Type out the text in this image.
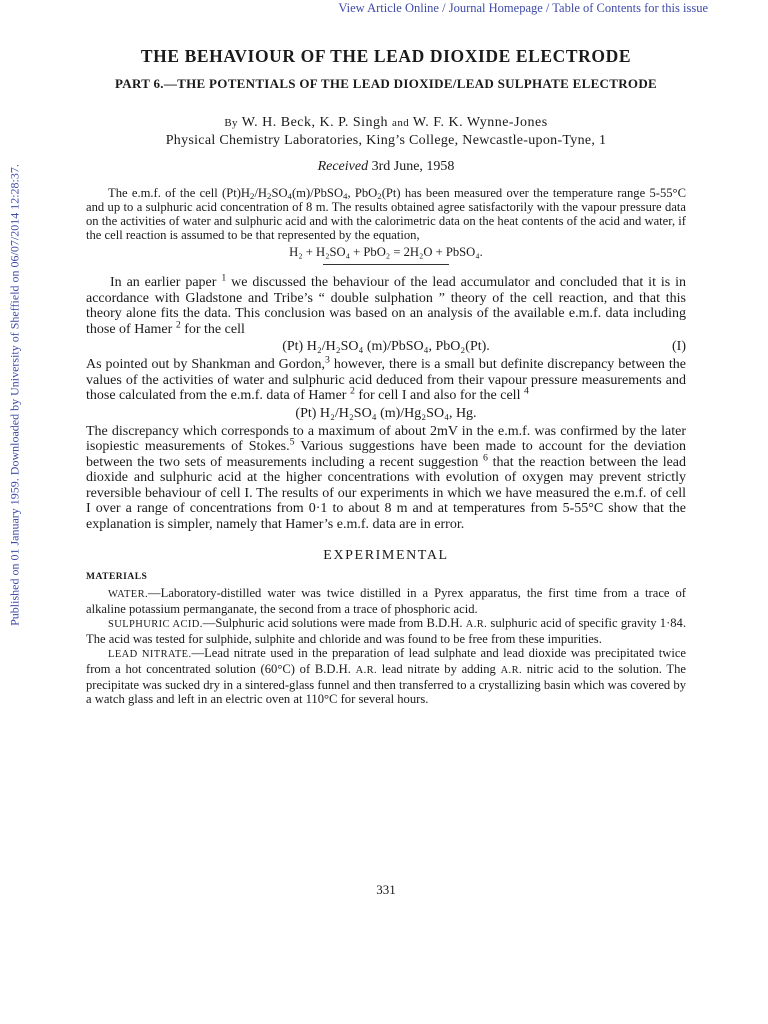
View Article Online / Journal Homepage / Table of Contents for this issue
Published on 01 January 1959. Downloaded by University of Sheffield on 06/07/2014 12:28:37.
THE BEHAVIOUR OF THE LEAD DIOXIDE ELECTRODE

PART 6.—THE POTENTIALS OF THE LEAD DIOXIDE/LEAD SULPHATE ELECTRODE

By W. H. Beck, K. P. Singh and W. F. K. Wynne-Jones

Physical Chemistry Laboratories, King’s College, Newcastle-upon-Tyne, 1

Received 3rd June, 1958

The e.m.f. of the cell $(Pt)H_2/H_2SO_4(m)/PbSO_4$, PbO$_2$(Pt) has been measured over the temperature range 5-55°C and up to a sulphuric acid concentration of 8 m. The results obtained agree satisfactorily with the vapour pressure data on the activities of water and sulphuric acid and with the calorimetric data on the heat contents of the acid and water, if the cell reaction is assumed to be that represented by the equation,

H₂ + H₂SO₄ + PbO₂ = 2H₂O + PbSO₄.

In an earlier paper $^1$ we discussed the behaviour of the lead accumulator and concluded that it is in accordance with Gladstone and Tribe’s “ double sulphation ” theory of the cell reaction, and that this theory alone fits the data. This conclusion was based on an analysis of the available e.m.f. data including those of Hamer $^2$ for the cell

(Pt) H₂/H₂SO₄ (m)/PbSO₄, PbO₂(Pt).	(I)

As pointed out by Shankman and Gordon,$^3$ however, there is a small but definite discrepancy between the values of the activities of water and sulphuric acid deduced from their vapour pressure measurements and those calculated from the e.m.f. data of Hamer $^2$ for cell I and also for the cell $^4$

(Pt) H₂/H₂SO₄ (m)/Hg₂SO₄, Hg.

The discrepancy which corresponds to a maximum of about 2mV in the e.m.f. was confirmed by the later isopiestic measurements of Stokes.$^5$ Various suggestions have been made to account for the deviation between the two sets of measurements including a recent suggestion $^6$ that the reaction between the lead dioxide and sulphuric acid at the higher concentrations with evolution of oxygen may prevent strictly reversible behaviour of cell I. The results of our experiments in which we have measured the e.m.f. of cell I over a range of concentrations from 0·1 to about 8 m and at temperatures from 5-55°C show that the explanation is simpler, namely that Hamer’s e.m.f. data are in error.

EXPERIMENTAL

MATERIALS

WATER.—Laboratory-distilled water was twice distilled in a Pyrex apparatus, the first time from a trace of alkaline potassium permanganate, the second from a trace of phosphoric acid.

SULPHURIC ACID.—Sulphuric acid solutions were made from B.D.H. A.R. sulphuric acid of specific gravity 1·84. The acid was tested for sulphide, sulphite and chloride and was found to be free from these impurities.

LEAD NITRATE.—Lead nitrate used in the preparation of lead sulphate and lead dioxide was precipitated twice from a hot concentrated solution (60°C) of B.D.H. A.R. lead nitrate by adding A.R. nitric acid to the solution. The precipitate was sucked dry in a sintered-glass funnel and then transferred to a crystallizing basin which was covered by a watch glass and left in an electric oven at 110°C for several hours.

331
